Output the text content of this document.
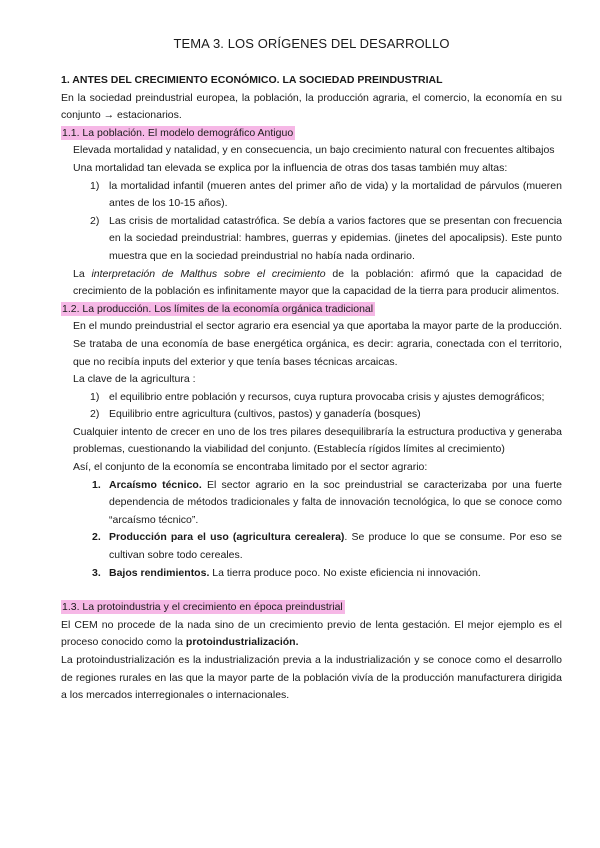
TEMA 3. LOS ORÍGENES DEL DESARROLLO

1. ANTES DEL CRECIMIENTO ECONÓMICO. LA SOCIEDAD PREINDUSTRIAL

En la sociedad preindustrial europea, la población, la producción agraria, el comercio, la economía en su conjunto → estacionarios.

1.1. La población. El modelo demográfico Antiguo

Elevada mortalidad y natalidad, y en consecuencia, un bajo crecimiento natural con frecuentes altibajos

Una mortalidad tan elevada se explica por la influencia de otras dos tasas también muy altas:

1) la mortalidad infantil (mueren antes del primer año de vida) y la mortalidad de párvulos (mueren antes de los 10-15 años).
2) Las crisis de mortalidad catastrófica. Se debía a varios factores que se presentan con frecuencia en la sociedad preindustrial: hambres, guerras y epidemias. (jinetes del apocalipsis). Este punto muestra que en la sociedad preindustrial no había nada ordinario.

La interpretación de Malthus sobre el crecimiento de la población: afirmó que la capacidad de crecimiento de la población es infinitamente mayor que la capacidad de la tierra para producir alimentos.

1.2. La producción. Los límites de la economía orgánica tradicional

En el mundo preindustrial el sector agrario era esencial ya que aportaba la mayor parte de la producción. Se trataba de una economía de base energética orgánica, es decir: agraria, conectada con el territorio, que no recibía inputs del exterior y que tenía bases técnicas arcaicas.

La clave de la agricultura :

1) el equilibrio entre población y recursos, cuya ruptura provocaba crisis y ajustes demográficos;
2) Equilibrio entre agricultura (cultivos, pastos) y ganadería (bosques)

Cualquier intento de crecer en uno de los tres pilares desequilibraría la estructura productiva y generaba problemas, cuestionando la viabilidad del conjunto. (Establecía rígidos límites al crecimiento)

Así, el conjunto de la economía se encontraba limitado por el sector agrario:

1. Arcaísmo técnico. El sector agrario en la soc preindustrial se caracterizaba por una fuerte dependencia de métodos tradicionales y falta de innovación tecnológica, lo que se conoce como “arcaísmo técnico”.
2. Producción para el uso (agricultura cerealera). Se produce lo que se consume. Por eso se cultivan sobre todo cereales.
3. Bajos rendimientos. La tierra produce poco. No existe eficiencia ni innovación.

1.3. La protoindustria y el crecimiento en época preindustrial

El CEM no procede de la nada sino de un crecimiento previo de lenta gestación. El mejor ejemplo es el proceso conocido como la protoindustrialización.

La protoindustrialización es la industrialización previa a la industrialización y se conoce como el desarrollo de regiones rurales en las que la mayor parte de la población vivía de la producción manufacturera dirigida a los mercados interregionales o internacionales.
